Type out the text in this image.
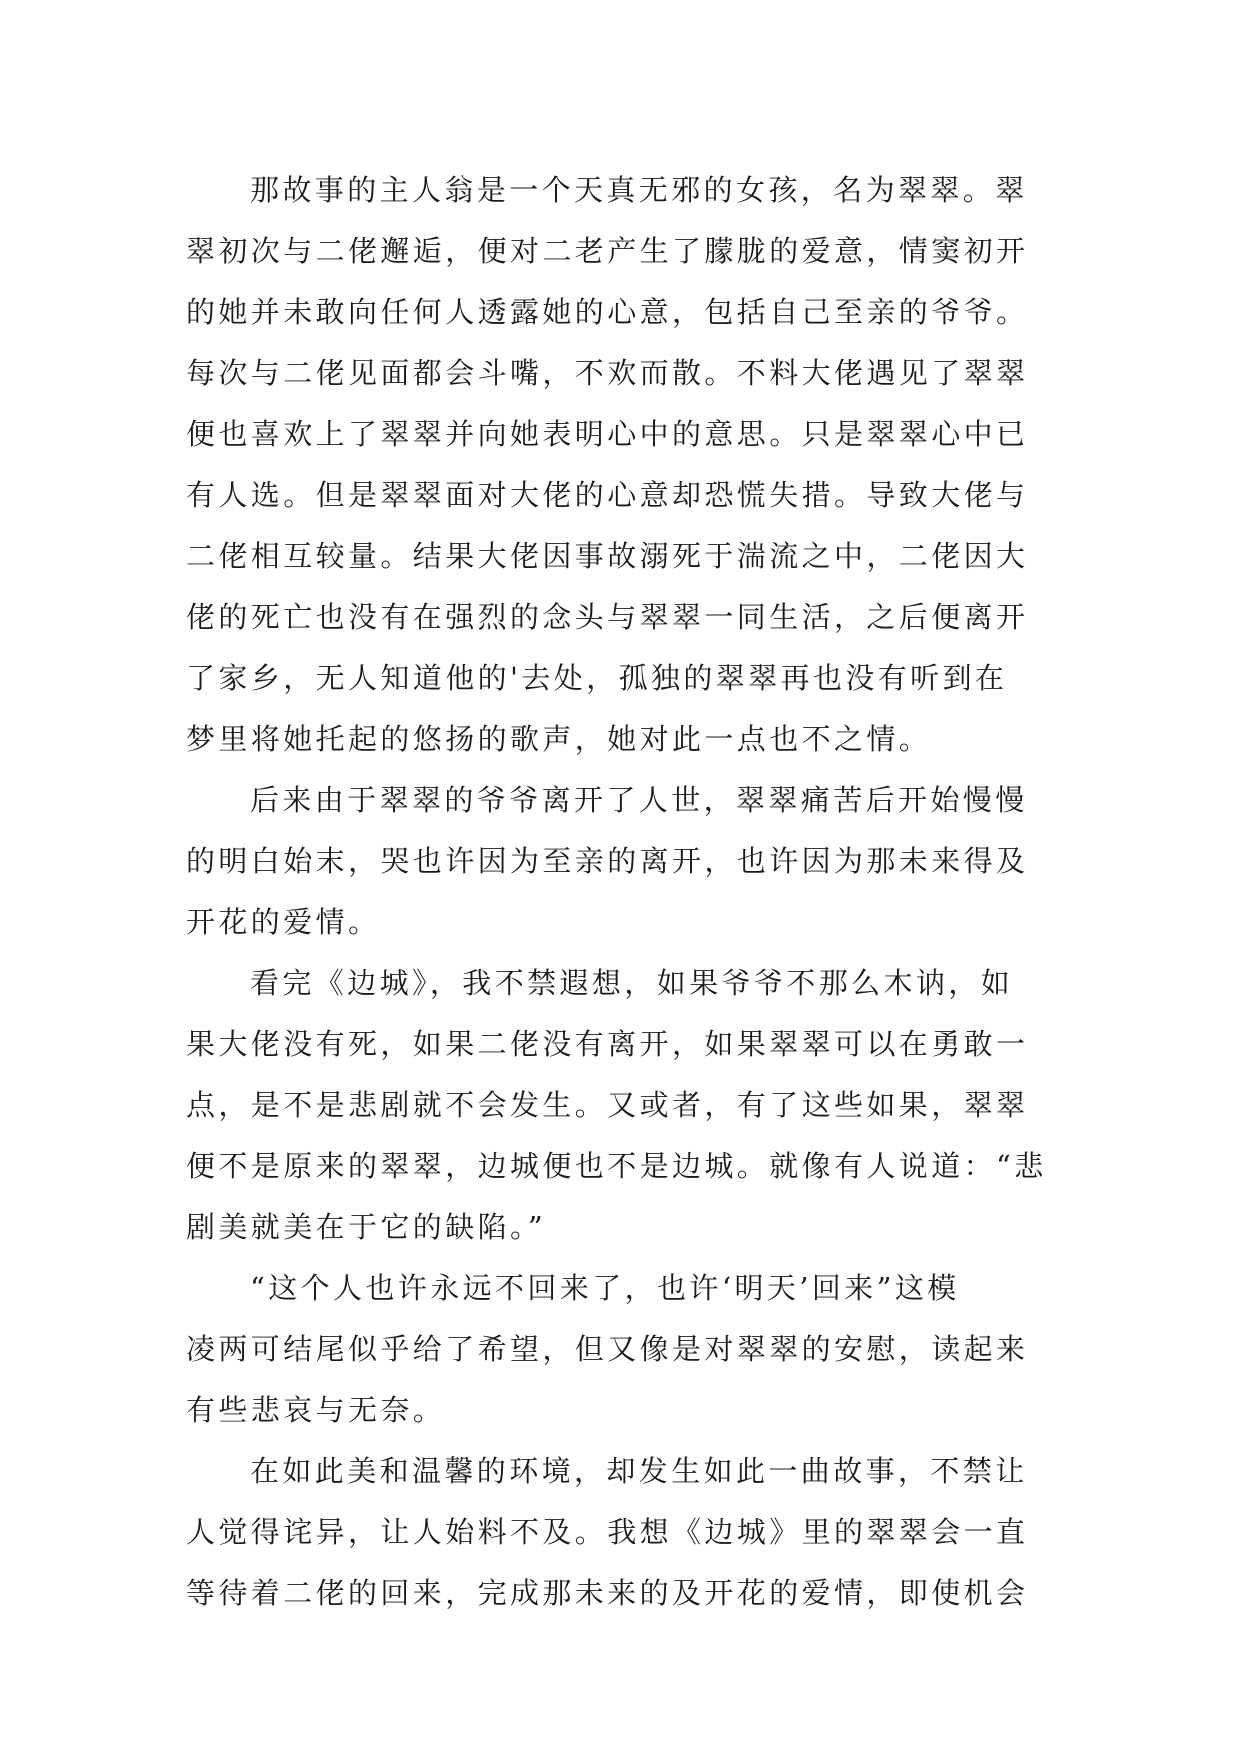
那故事的主人翁是一个天真无邪的女孩，名为翠翠。翠
翠初次与二佬邂逅，便对二老产生了朦胧的爱意，情窦初开
的她并未敢向任何人透露她的心意，包括自己至亲的爷爷。
每次与二佬见面都会斗嘴，不欢而散。不料大佬遇见了翠翠
便也喜欢上了翠翠并向她表明心中的意思。只是翠翠心中已
有人选。但是翠翠面对大佬的心意却恐慌失措。导致大佬与
二佬相互较量。结果大佬因事故溺死于湍流之中，二佬因大
佬的死亡也没有在强烈的念头与翠翠一同生活，之后便离开
了家乡，无人知道他的'去处，孤独的翠翠再也没有听到在
梦里将她托起的悠扬的歌声，她对此一点也不之情。
后来由于翠翠的爷爷离开了人世，翠翠痛苦后开始慢慢
的明白始末，哭也许因为至亲的离开，也许因为那未来得及
开花的爱情。
看完《边城》，我不禁遐想，如果爷爷不那么木讷，如
果大佬没有死，如果二佬没有离开，如果翠翠可以在勇敢一
点，是不是悲剧就不会发生。又或者，有了这些如果，翠翠
便不是原来的翠翠，边城便也不是边城。就像有人说道：“悲
剧美就美在于它的缺陷。”
“这个人也许永远不回来了，也许‘明天’回来”这模
凌两可结尾似乎给了希望，但又像是对翠翠的安慰，读起来
有些悲哀与无奈。
在如此美和温馨的环境，却发生如此一曲故事，不禁让
人觉得诧异，让人始料不及。我想《边城》里的翠翠会一直
等待着二佬的回来，完成那未来的及开花的爱情，即使机会
